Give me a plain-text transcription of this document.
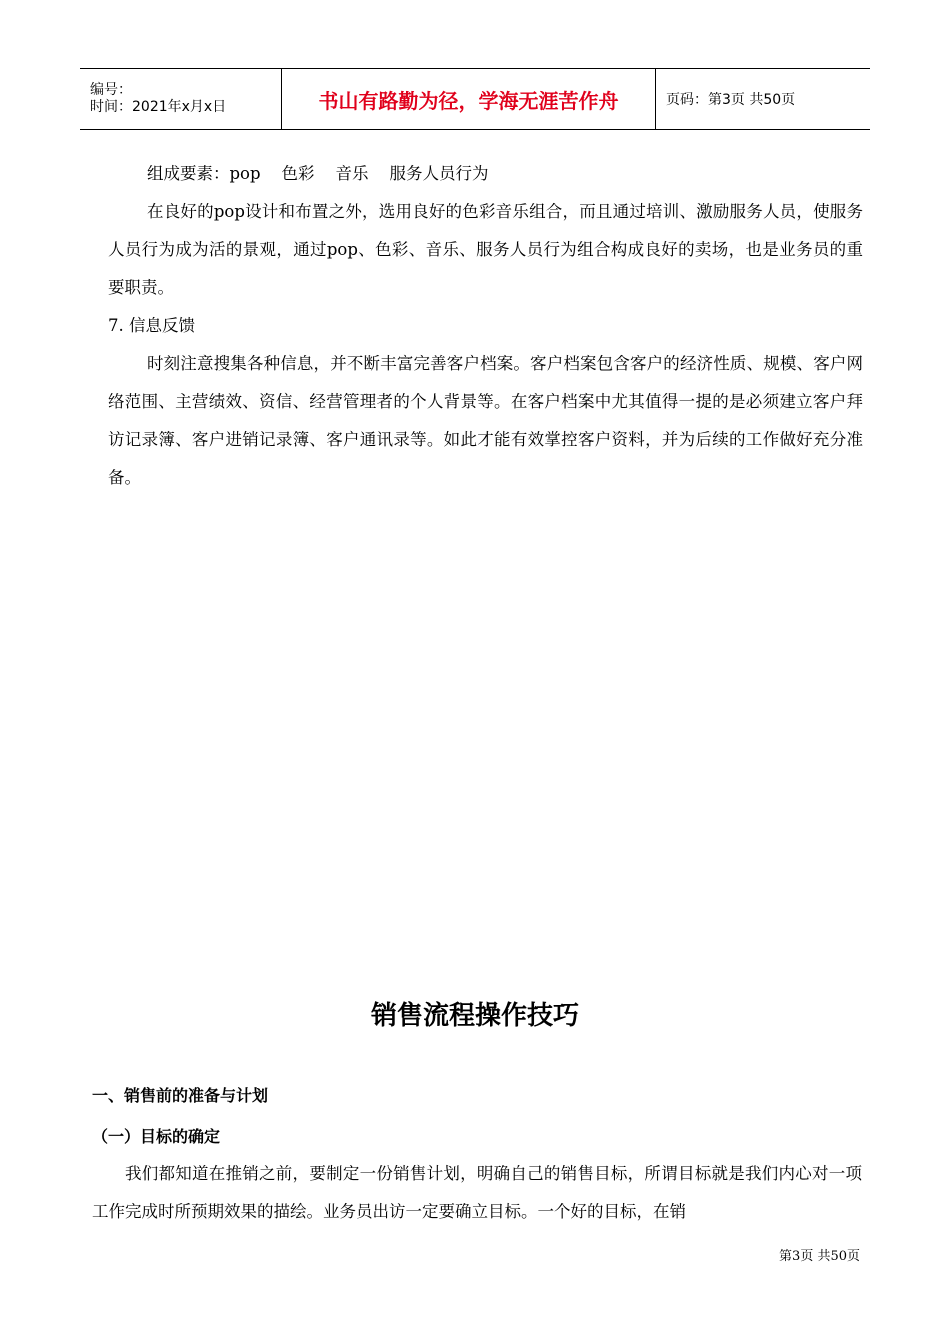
编号：
时间：2021年x月x日	书山有路勤为径，学海无涯苦作舟	页码：第3页 共50页
组成要素：pop    色彩    音乐    服务人员行为

在良好的pop设计和布置之外，选用良好的色彩音乐组合，而且通过培训、激励服务人员，使服务人员行为成为活的景观，通过pop、色彩、音乐、服务人员行为组合构成良好的卖场，也是业务员的重要职责。

7. 信息反馈

时刻注意搜集各种信息，并不断丰富完善客户档案。客户档案包含客户的经济性质、规模、客户网络范围、主营绩效、资信、经营管理者的个人背景等。在客户档案中尤其值得一提的是必须建立客户拜访记录簿、客户进销记录簿、客户通讯录等。如此才能有效掌控客户资料，并为后续的工作做好充分准备。

销售流程操作技巧
一、销售前的准备与计划
（一）目标的确定

我们都知道在推销之前，要制定一份销售计划，明确自己的销售目标，所谓目标就是我们内心对一项工作完成时所预期效果的描绘。业务员出访一定要确立目标。一个好的目标，在销

第3页 共50页
